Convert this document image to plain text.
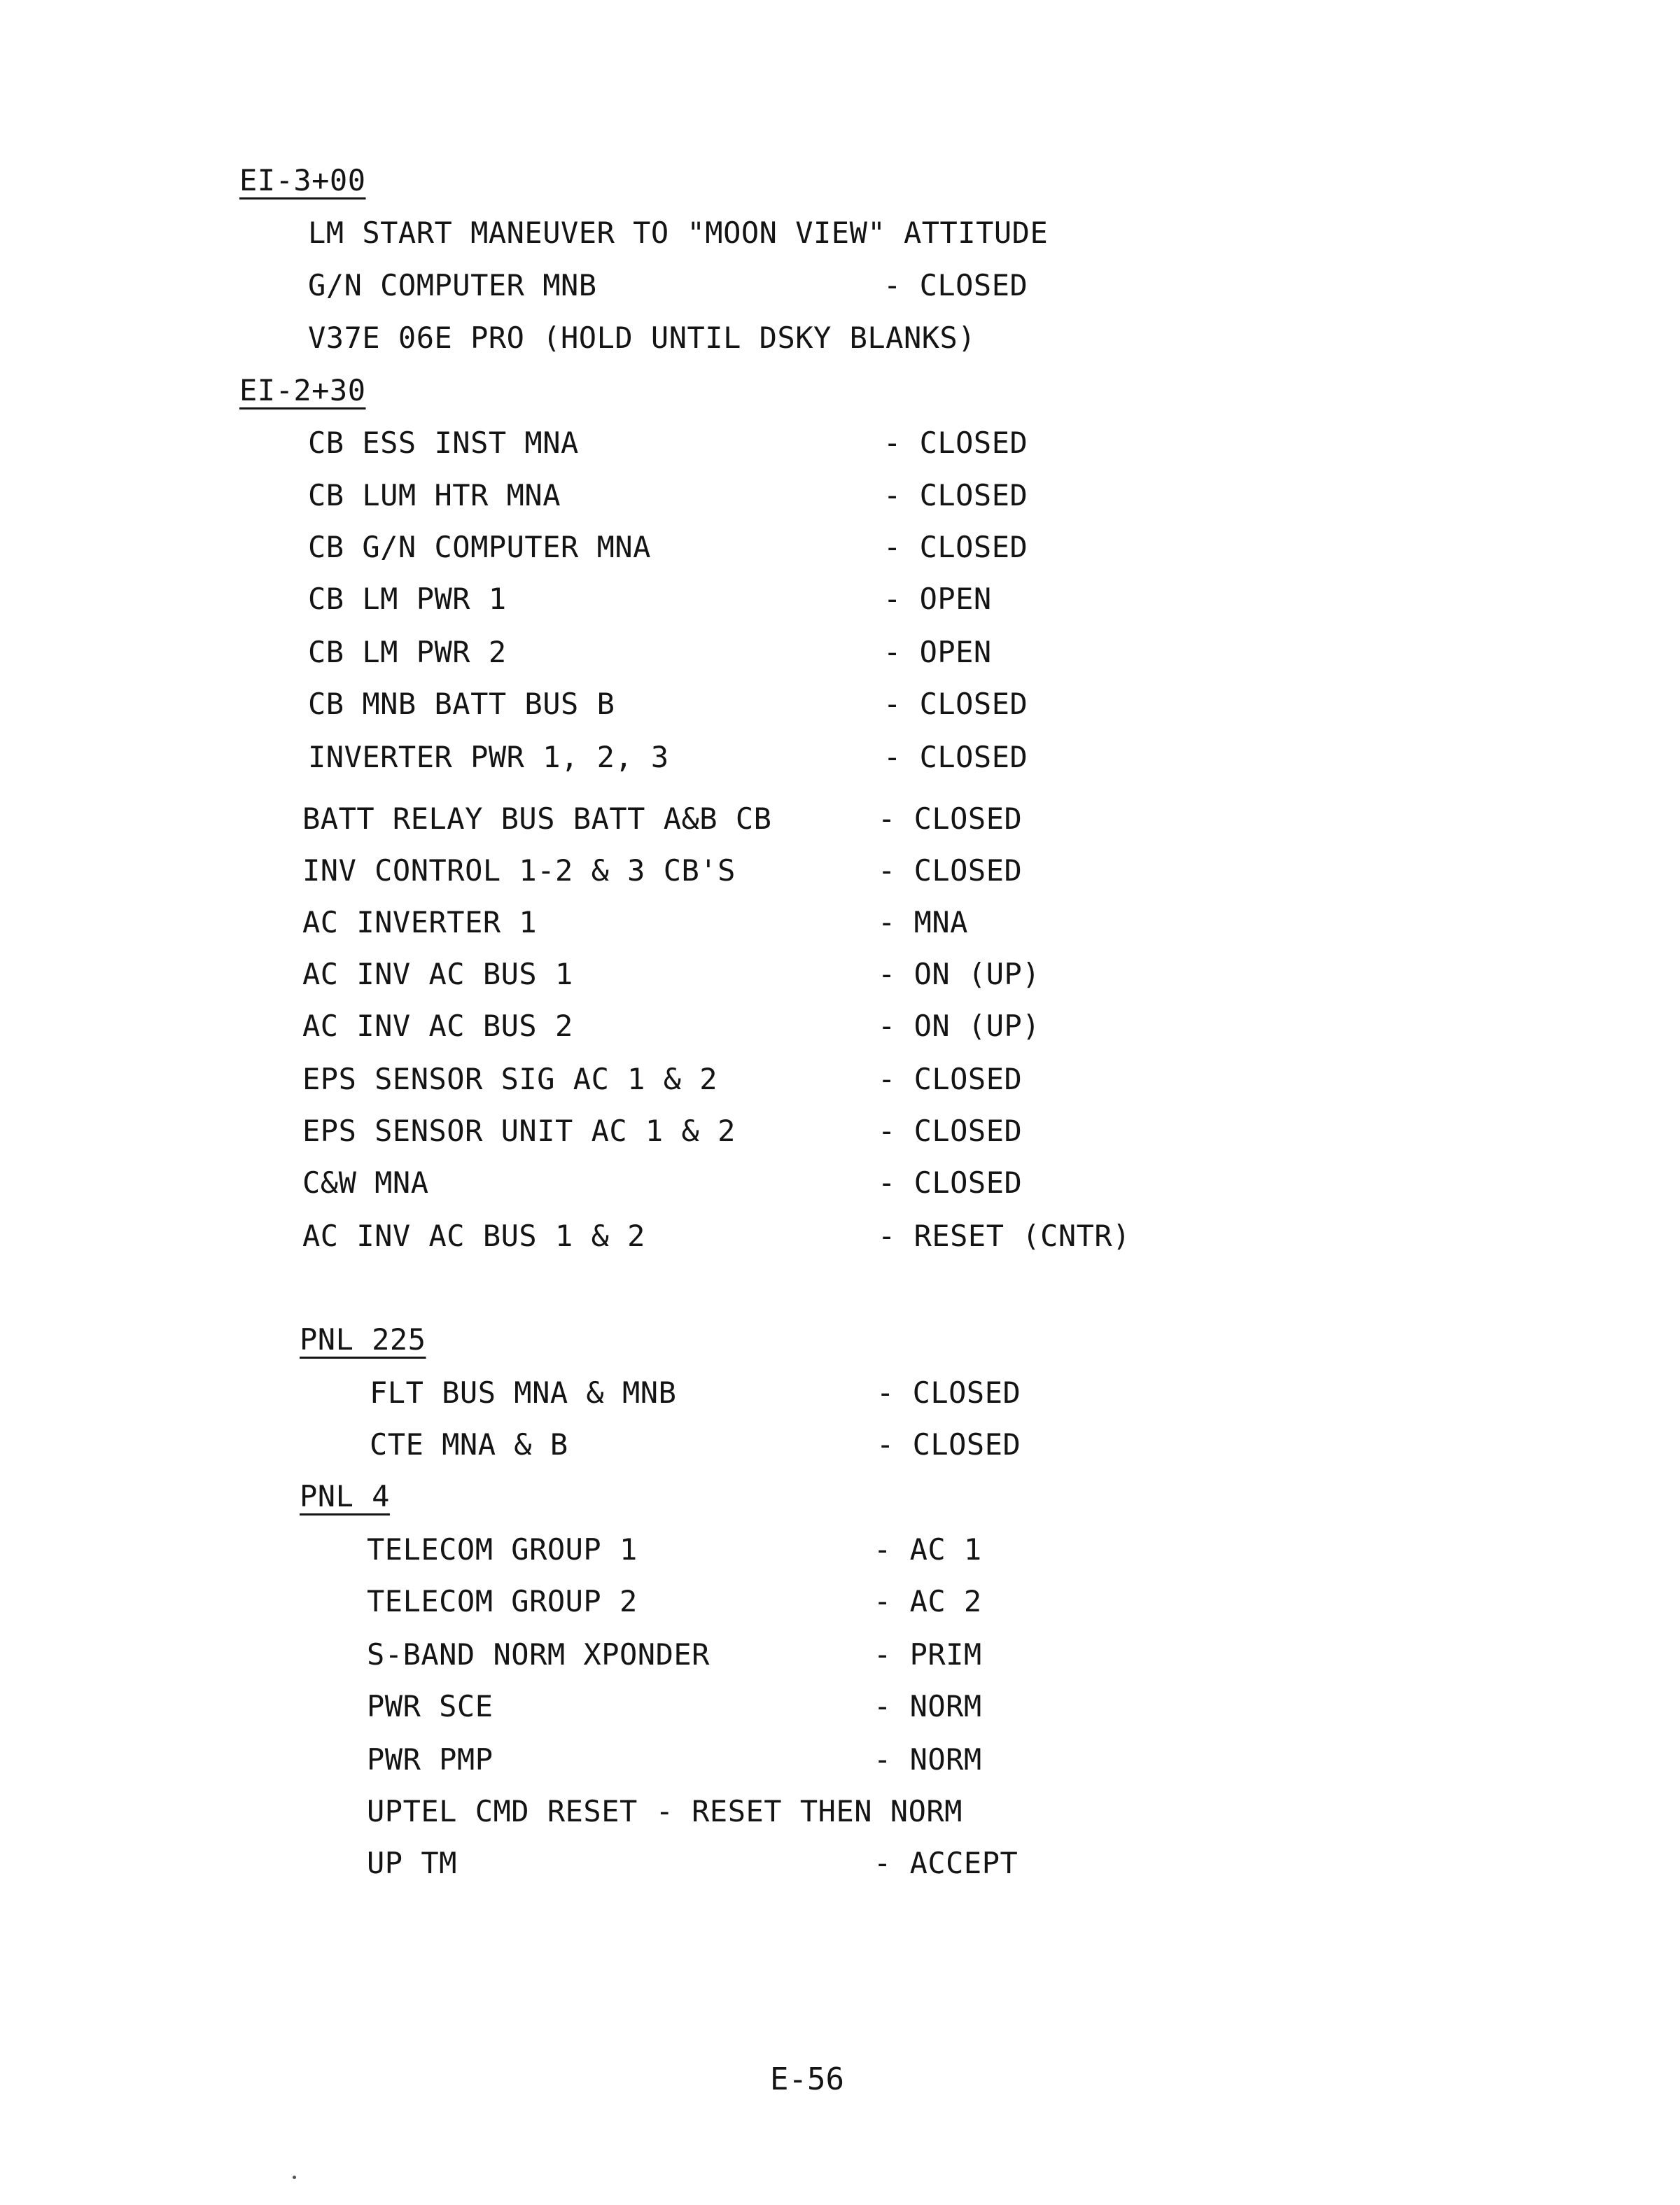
EI-3+00
LM START MANEUVER TO "MOON VIEW" ATTITUDE
G/N COMPUTER MNB	- CLOSED
V37E 06E PRO (HOLD UNTIL DSKY BLANKS)
EI-2+30
CB ESS INST MNA	- CLOSED
CB LUM HTR MNA	- CLOSED
CB G/N COMPUTER MNA	- CLOSED
CB LM PWR 1	- OPEN
CB LM PWR 2	- OPEN
CB MNB BATT BUS B	- CLOSED
INVERTER PWR 1, 2, 3	- CLOSED
BATT RELAY BUS BATT A&B CB	- CLOSED
INV CONTROL 1-2 & 3 CB'S	- CLOSED
AC INVERTER 1	- MNA
AC INV AC BUS 1	- ON (UP)
AC INV AC BUS 2	- ON (UP)
EPS SENSOR SIG AC 1 & 2	- CLOSED
EPS SENSOR UNIT AC 1 & 2	- CLOSED
C&W MNA	- CLOSED
AC INV AC BUS 1 & 2	- RESET (CNTR)
PNL 225
FLT BUS MNA & MNB	- CLOSED
CTE MNA & B	- CLOSED
PNL 4
TELECOM GROUP 1	- AC 1
TELECOM GROUP 2	- AC 2
S-BAND NORM XPONDER	- PRIM
PWR SCE	- NORM
PWR PMP	- NORM
UPTEL CMD RESET - RESET THEN NORM
UP TM	- ACCEPT
E-56
